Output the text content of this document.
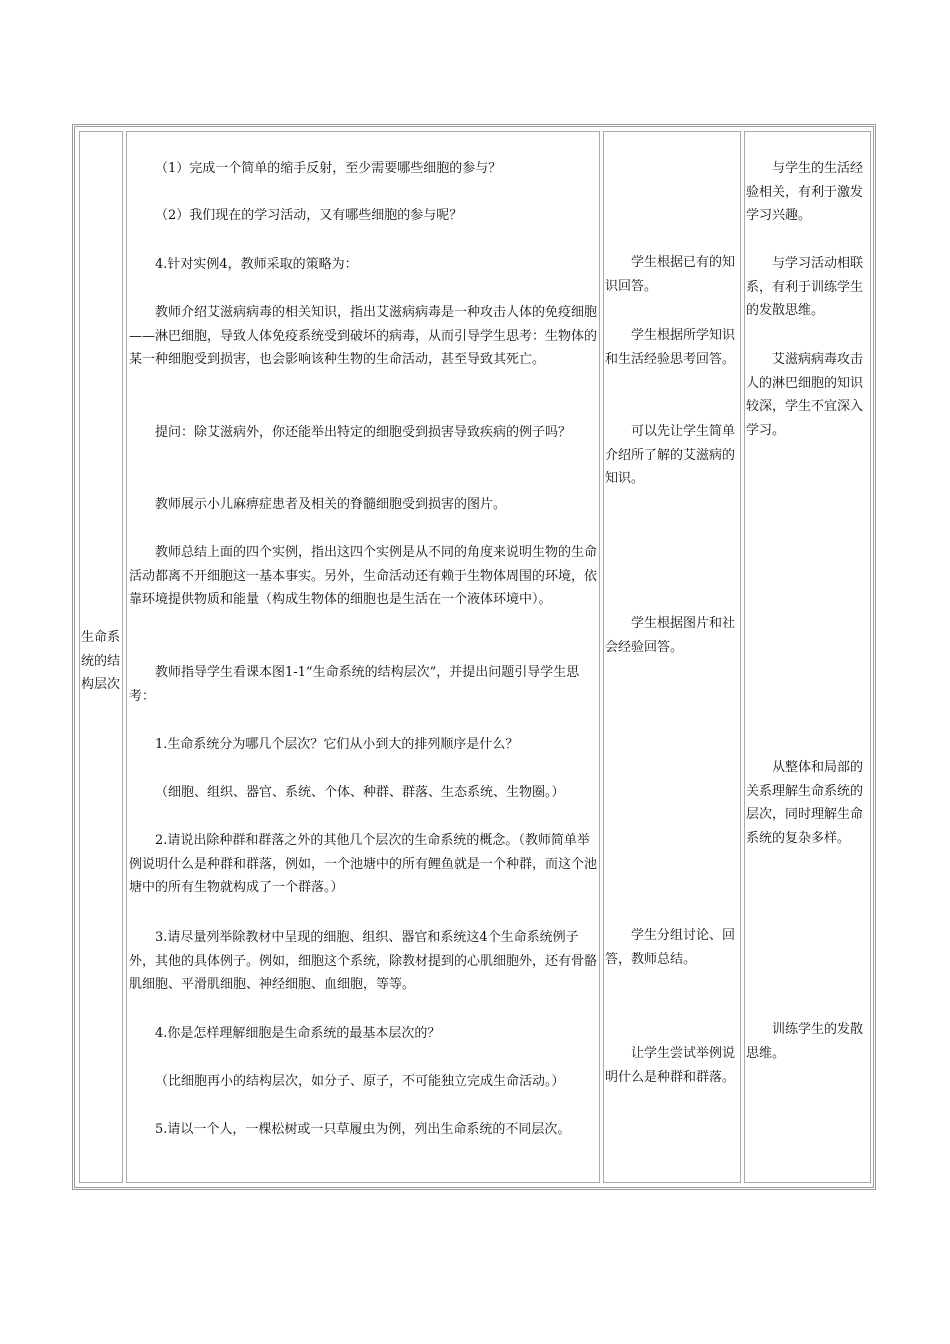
生命系统的结构层次

（1）完成一个简单的缩手反射，至少需要哪些细胞的参与？

（2）我们现在的学习活动，又有哪些细胞的参与呢？

4.针对实例4，教师采取的策略为：

教师介绍艾滋病病毒的相关知识，指出艾滋病病毒是一种攻击人体的免疫细胞——淋巴细胞，导致人体免疫系统受到破坏的病毒，从而引导学生思考：生物体的某一种细胞受到损害，也会影响该种生物的生命活动，甚至导致其死亡。

提问：除艾滋病外，你还能举出特定的细胞受到损害导致疾病的例子吗？

教师展示小儿麻痹症患者及相关的脊髓细胞受到损害的图片。

教师总结上面的四个实例，指出这四个实例是从不同的角度来说明生物的生命活动都离不开细胞这一基本事实。另外，生命活动还有赖于生物体周围的环境，依靠环境提供物质和能量（构成生物体的细胞也是生活在一个液体环境中）。

教师指导学生看课本图1-1“生命系统的结构层次”，并提出问题引导学生思考：

1.生命系统分为哪几个层次？它们从小到大的排列顺序是什么？

（细胞、组织、器官、系统、个体、种群、群落、生态系统、生物圈。）

2.请说出除种群和群落之外的其他几个层次的生命系统的概念。（教师简单举例说明什么是种群和群落，例如，一个池塘中的所有鲤鱼就是一个种群，而这个池塘中的所有生物就构成了一个群落。）

3.请尽量列举除教材中呈现的细胞、组织、器官和系统这4个生命系统例子外，其他的具体例子。例如，细胞这个系统，除教材提到的心肌细胞外，还有骨骼肌细胞、平滑肌细胞、神经细胞、血细胞，等等。

4.你是怎样理解细胞是生命系统的最基本层次的？

（比细胞再小的结构层次，如分子、原子，不可能独立完成生命活动。）

5.请以一个人，一棵松树或一只草履虫为例，列出生命系统的不同层次。

学生根据已有的知识回答。

学生根据所学知识和生活经验思考回答。

可以先让学生简单介绍所了解的艾滋病的知识。

学生根据图片和社会经验回答。

学生分组讨论、回答，教师总结。

让学生尝试举例说明什么是种群和群落。

与学生的生活经验相关，有利于激发学习兴趣。

与学习活动相联系，有利于训练学生的发散思维。

艾滋病病毒攻击人的淋巴细胞的知识较深，学生不宜深入学习。

从整体和局部的关系理解生命系统的层次，同时理解生命系统的复杂多样。

训练学生的发散思维。
